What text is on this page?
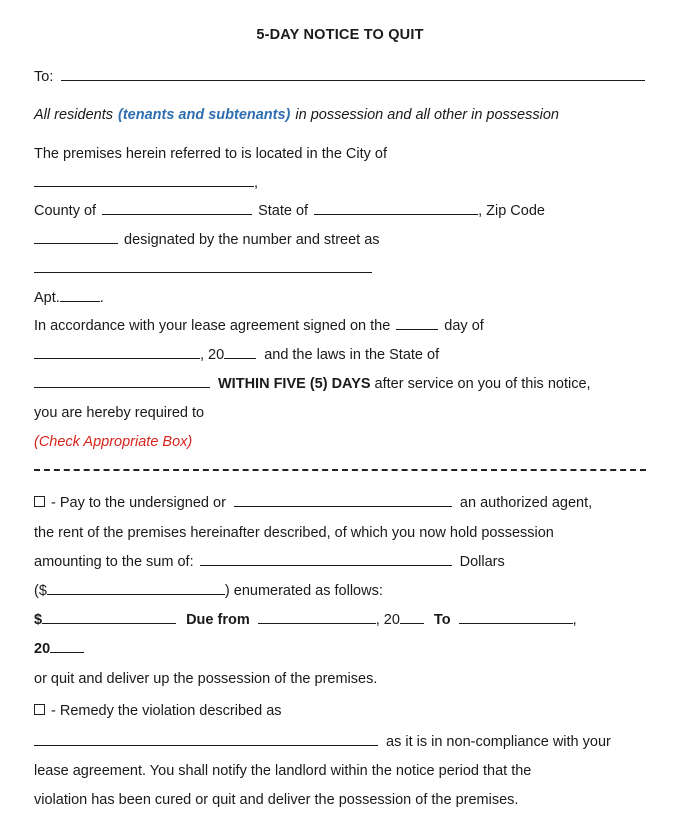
5-DAY NOTICE TO QUIT
To:
All residents (tenants and subtenants) in possession and all other in possession
The premises herein referred to is located in the City of
,
County of	State of	, Zip Code
designated by the number and street as
Apt.	.
In accordance with your lease agreement signed on the	day of
, 20	and the laws in the State of
WITHIN FIVE (5) DAYS after service on you of this notice,
you are hereby required to
(Check Appropriate Box)
- Pay to the undersigned or	an authorized agent,
the rent of the premises hereinafter described, of which you now hold possession
amounting to the sum of:	Dollars
($	) enumerated as follows:
$	Due from	, 20 To	,
20
or quit and deliver up the possession of the premises.
- Remedy the violation described as
as it is in non-compliance with your
lease agreement. You shall notify the landlord within the notice period that the
violation has been cured or quit and deliver the possession of the premises.
